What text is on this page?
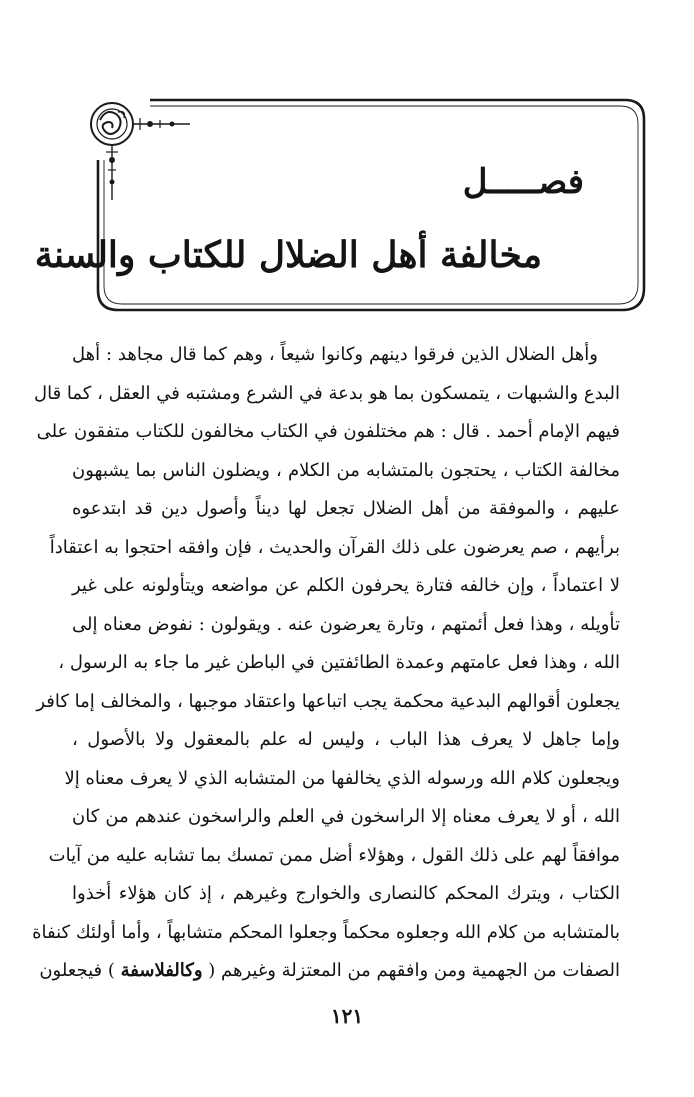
فصـــــل
مخالفة أهل الضلال للكتاب والسنة
وأهل الضلال الذين فرقوا دينهم وكانوا شيعاً ، وهم كما قال مجاهد : أهل
البدع والشبهات ، يتمسكون بما هو بدعة في الشرع ومشتبه في العقل ، كما قال
فيهم الإمام أحمد . قال : هم مختلفون في الكتاب مخالفون للكتاب متفقون على
مخالفة الكتاب ، يحتجون بالمتشابه من الكلام ، ويضلون الناس بما يشبهون
عليهم ، والموفقة من أهل الضلال تجعل لها ديناً وأصول دين قد ابتدعوه
برأيهم ، صم يعرضون على ذلك القرآن والحديث ، فإن وافقه احتجوا به اعتقاداً
لا اعتماداً ، وإن خالفه فتارة يحرفون الكلم عن مواضعه ويتأولونه على غير
تأويله ، وهذا فعل أئمتهم ، وتارة يعرضون عنه . ويقولون : نفوض معناه إلى
الله ، وهذا فعل عامتهم وعمدة الطائفتين في الباطن غير ما جاء به الرسول ،
يجعلون أقوالهم البدعية محكمة يجب اتباعها واعتقاد موجبها ، والمخالف إما كافر
وإما جاهل لا يعرف هذا الباب ، وليس له علم بالمعقول ولا بالأصول ،
ويجعلون كلام الله ورسوله الذي يخالفها من المتشابه الذي لا يعرف معناه إلا
الله ، أو لا يعرف معناه إلا الراسخون في العلم والراسخون عندهم من كان
موافقاً لهم على ذلك القول ، وهؤلاء أضل ممن تمسك بما تشابه عليه من آيات
الكتاب ، ويترك المحكم كالنصارى والخوارج وغيرهم ، إذ كان هؤلاء أخذوا
بالمتشابه من كلام الله وجعلوه محكماً وجعلوا المحكم متشابهاً ، وأما أولئك كنفاة
الصفات من الجهمية ومن وافقهم من المعتزلة وغيرهم ( وكالفلاسفة ) فيجعلون
١٢١
